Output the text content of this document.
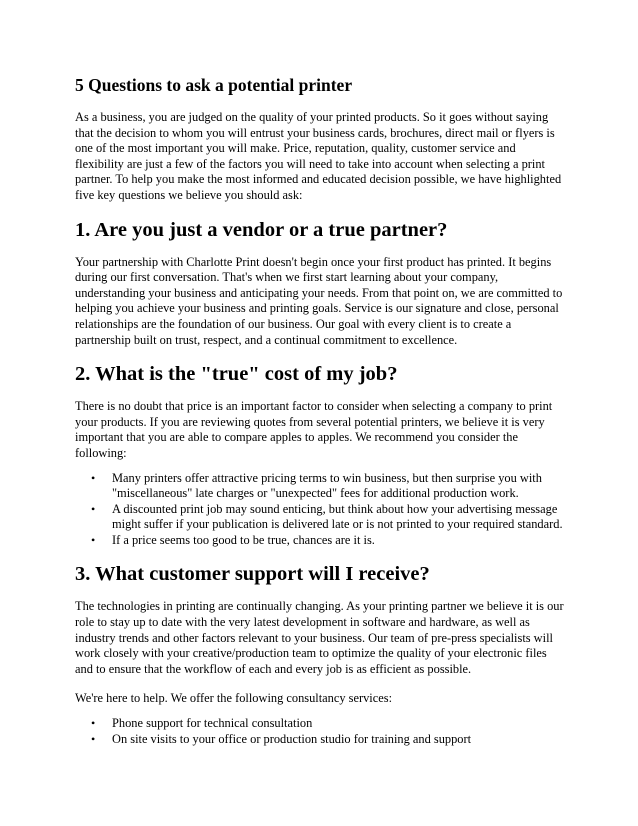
5 Questions to ask a potential printer

As a business, you are judged on the quality of your printed products. So it goes without saying that the decision to whom you will entrust your business cards, brochures, direct mail or flyers is one of the most important you will make. Price, reputation, quality, customer service and flexibility are just a few of the factors you will need to take into account when selecting a print partner. To help you make the most informed and educated decision possible, we have highlighted five key questions we believe you should ask:

1. Are you just a vendor or a true partner?

Your partnership with Charlotte Print doesn't begin once your first product has printed. It begins during our first conversation. That's when we first start learning about your company, understanding your business and anticipating your needs. From that point on, we are committed to helping you achieve your business and printing goals. Service is our signature and close, personal relationships are the foundation of our business. Our goal with every client is to create a partnership built on trust, respect, and a continual commitment to excellence.

2. What is the "true" cost of my job?

There is no doubt that price is an important factor to consider when selecting a company to print your products. If you are reviewing quotes from several potential printers, we believe it is very important that you are able to compare apples to apples. We recommend you consider the following:

• Many printers offer attractive pricing terms to win business, but then surprise you with "miscellaneous" late charges or "unexpected" fees for additional production work.
• A discounted print job may sound enticing, but think about how your advertising message might suffer if your publication is delivered late or is not printed to your required standard.
• If a price seems too good to be true, chances are it is.
3. What customer support will I receive?

The technologies in printing are continually changing. As your printing partner we believe it is our role to stay up to date with the very latest development in software and hardware, as well as industry trends and other factors relevant to your business. Our team of pre-press specialists will work closely with your creative/production team to optimize the quality of your electronic files and to ensure that the workflow of each and every job is as efficient as possible.

We're here to help. We offer the following consultancy services:

• Phone support for technical consultation
• On site visits to your office or production studio for training and support
